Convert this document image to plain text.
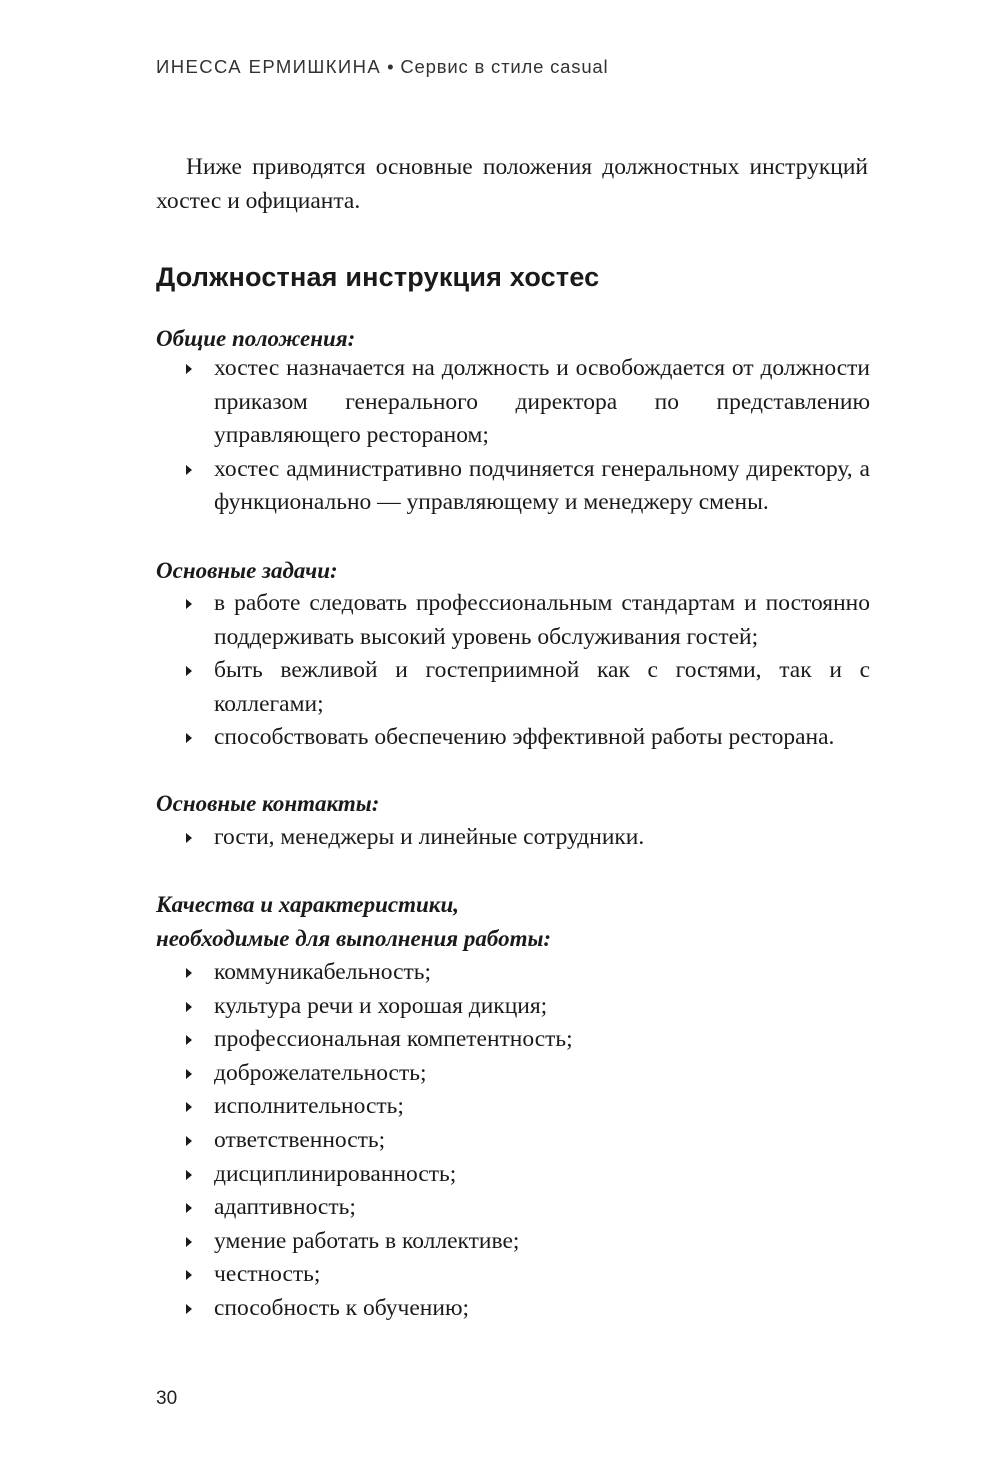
ИНЕССА ЕРМИШКИНА • Сервис в стиле casual

Ниже приводятся основные положения должностных инструкций хостес и официанта.

Должностная инструкция хостес

Общие положения:

хостес назначается на должность и освобождается от должности приказом генерального директора по представлению управляющего рестораном;
хостес административно подчиняется генеральному директору, а функционально — управляющему и менеджеру смены.

Основные задачи:

в работе следовать профессиональным стандартам и постоянно поддерживать высокий уровень обслуживания гостей;
быть вежливой и гостеприимной как с гостями, так и с коллегами;
способствовать обеспечению эффективной работы ресторана.

Основные контакты:

гости, менеджеры и линейные сотрудники.

Качества и характеристики,
необходимые для выполнения работы:

коммуникабельность;
культура речи и хорошая дикция;
профессиональная компетентность;
доброжелательность;
исполнительность;
ответственность;
дисциплинированность;
адаптивность;
умение работать в коллективе;
честность;
способность к обучению;
30
